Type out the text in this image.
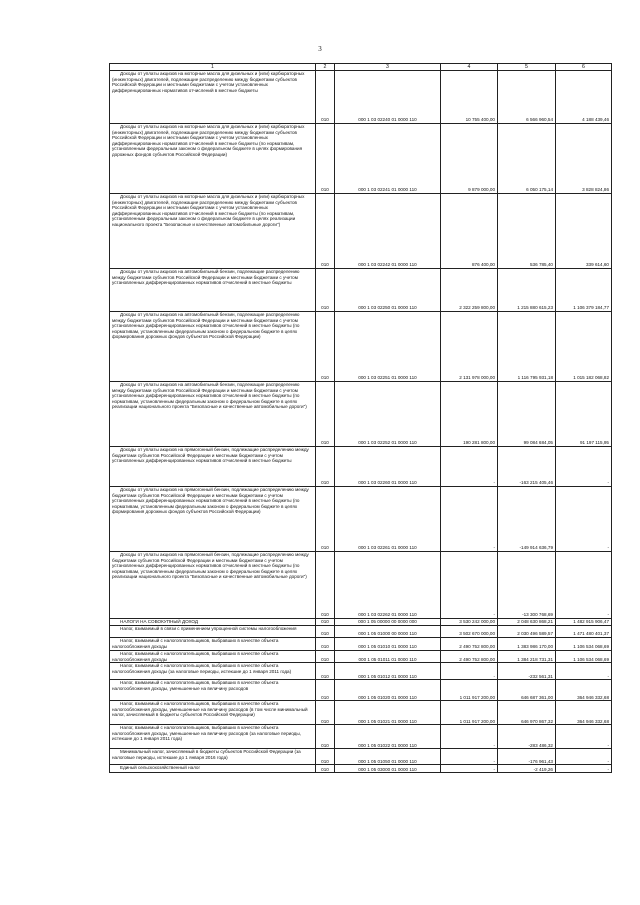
3
1	2	3	4	5	6
Доходы от уплаты акцизов на моторные масла для дизельных и (или) карбюраторных (инжекторных) двигателей, подлежащие распределению между бюджетами субъектов Российской Федерации и местными бюджетами с учетом установленных дифференцированных нормативов отчислений в местные бюджеты	010	000 1 03 02240 01 0000 110	10 755 400,00	6 566 960,54	4 188 439,46
Доходы от уплаты акцизов на моторные масла для дизельных и (или) карбюраторных (инжекторных) двигателей, подлежащие распределению между бюджетами субъектов Российской Федерации и местными бюджетами с учетом установленных дифференцированных нормативов отчислений в местные бюджеты (по нормативам, установленным федеральным законом о федеральном бюджете в целях формирования дорожных фондов субъектов Российской Федерации)	010	000 1 03 02241 01 0000 110	9 879 000,00	6 050 175,14	3 828 824,86
Доходы от уплаты акцизов на моторные масла для дизельных и (или) карбюраторных (инжекторных) двигателей, подлежащие распределению между бюджетами субъектов Российской Федерации и местными бюджетами с учетом установленных дифференцированных нормативов отчислений в местные бюджеты (по нормативам, установленным федеральным законом о федеральном бюджете в целях реализации национального проекта "Безопасные и качественные автомобильные дороги")	010	000 1 03 02242 01 0000 110	876 400,00	536 785,40	339 614,60
Доходы от уплаты акцизов на автомобильный бензин, подлежащие распределению между бюджетами субъектов Российской Федерации и местными бюджетами с учетом установленных дифференцированных нормативов отчислений в местные бюджеты	010	000 1 03 02250 01 0000 110	2 322 259 800,00	1 215 880 615,23	1 106 379 184,77
Доходы от уплаты акцизов на автомобильный бензин, подлежащие распределению между бюджетами субъектов Российской Федерации и местными бюджетами с учетом установленных дифференцированных нормативов отчислений в местные бюджеты (по нормативам, установленным федеральным законом о федеральном бюджете в целях формирования дорожных фондов субъектов Российской Федерации)	010	000 1 03 02251 01 0000 110	2 131 978 000,00	1 116 795 931,18	1 015 182 068,82
Доходы от уплаты акцизов на автомобильный бензин, подлежащие распределению между бюджетами субъектов Российской Федерации и местными бюджетами с учетом установленных дифференцированных нормативов отчислений в местные бюджеты (по нормативам, установленным федеральным законом о федеральном бюджете в целях реализации национального проекта "Безопасные и качественные автомобильные дороги")	010	000 1 03 02252 01 0000 110	190 281 800,00	99 084 684,05	91 197 115,95
Доходы от уплаты акцизов на прямогонный бензин, подлежащие распределению между бюджетами субъектов Российской Федерации и местными бюджетами с учетом установленных дифференцированных нормативов отчислений в местные бюджеты	010	000 1 03 02260 01 0000 110	-	-163 215 405,46	-
Доходы от уплаты акцизов на прямогонный бензин, подлежащие распределению между бюджетами субъектов Российской Федерации и местными бюджетами с учетом установленных дифференцированных нормативов отчислений в местные бюджеты (по нормативам, установленным федеральным законом о федеральном бюджете в целях формирования дорожных фондов субъектов Российской Федерации)	010	000 1 03 02261 01 0000 110	-	-149 914 636,79	-
Доходы от уплаты акцизов на прямогонный бензин, подлежащие распределению между бюджетами субъектов Российской Федерации и местными бюджетами с учетом установленных дифференцированных нормативов отчислений в местные бюджеты (по нормативам, установленным федеральным законом о федеральном бюджете в целях реализации национального проекта "Безопасные и качественные автомобильные дороги")	010	000 1 03 02262 01 0000 110	-	-13 300 768,69	-
НАЛОГИ НА СОВОКУПНЫЙ ДОХОД	010	000 1 05 00000 00 0000 000	3 530 242 000,00	2 048 630 868,21	1 482 915 906,47
Налог, взимаемый в связи с применением упрощенной системы налогообложения	010	000 1 05 01000 00 0000 110	3 502 670 000,00	2 030 496 589,57	1 471 480 401,37
Налог, взимаемый с налогоплательщиков, выбравших в качестве объекта налогообложения доходы	010	000 1 05 01010 01 0000 110	2 490 752 800,00	1 383 986 170,00	1 106 534 068,69
Налог, взимаемый с налогоплательщиков, выбравших в качестве объекта налогообложения доходы	010	000 1 05 01011 01 0000 110	2 490 752 800,00	1 384 218 731,31	1 106 534 068,69
Налог, взимаемый с налогоплательщиков, выбравших в качестве объекта налогообложения доходы (за налоговые периоды, истекшие до 1 января 2011 года)	010	000 1 05 01012 01 0000 110	-	-232 561,31	-
Налог, взимаемый с налогоплательщиков, выбравших в качестве объекта налогообложения доходы, уменьшенные на величину расходов	010	000 1 05 01020 01 0000 110	1 011 917 200,00	646 687 361,00	364 946 332,68
Налог, взимаемый с налогоплательщиков, выбравших в качестве объекта налогообложения доходы, уменьшенные на величину расходов (в том числе минимальный налог, зачисляемый в бюджеты субъектов Российской Федерации)	010	000 1 05 01021 01 0000 110	1 011 917 200,00	646 970 867,32	364 946 332,68
Налог, взимаемый с налогоплательщиков, выбравших в качестве объекта налогообложения доходы, уменьшенные на величину расходов (за налоговые периоды, истекшие до 1 января 2011 года)	010	000 1 05 01022 01 0000 110	-	-283 486,32	-
Минимальный налог, зачисляемый в бюджеты субъектов Российской Федерации (за налоговые периоды, истекшие до 1 января 2016 года)	010	000 1 05 01050 01 0000 110	-	-176 961,43	-
Единый сельскохозяйственный налог	010	000 1 05 03000 01 0000 110	-	-2 419,26	-
